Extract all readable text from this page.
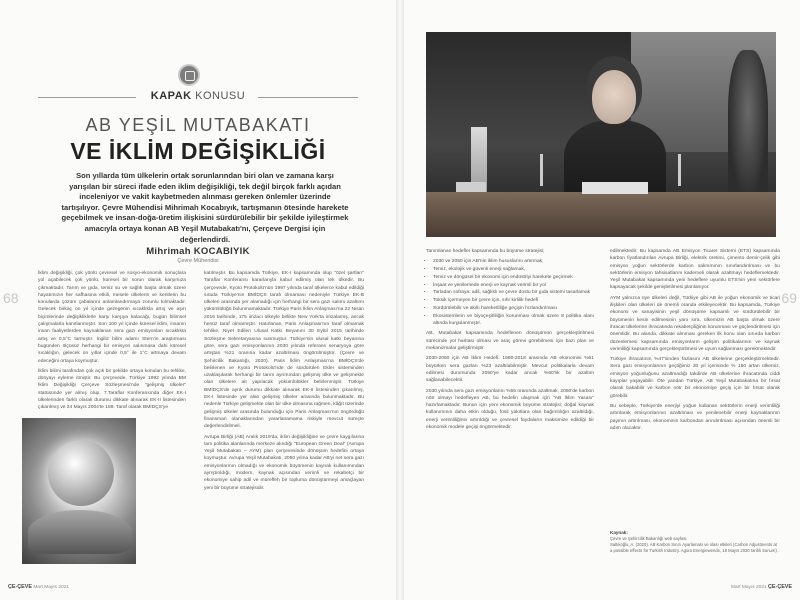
KAPAK KONUSU
AB YEŞİL MUTABAKATI
VE İKLİM DEĞİŞİKLİĞİ

Son yıllarda tüm ülkelerin ortak sorunlarından biri olan ve zamana karşı yarışılan bir süreci ifade eden iklim değişikliği, tek değil birçok farklı açıdan inceleniyor ve vakit kaybetmeden alınması gereken önlemler üzerinde tartışılıyor. Çevre Mühendisi Mihrimah Kocabıyık, tartışmanın ötesinde harekete geçebilmek ve insan-doğa-üretim ilişkisini sürdürülebilir bir şekilde iyileştirmek amacıyla ortaya konan AB Yeşil Mutabakatı'nı, Çerçeve Dergisi için değerlendirdi.

Mihrimah KOCABIYIK
Çevre Mühendisi
68

İklim değişikliği, çok yönlü çevresel ve sosyo-ekonomik sonuçlara yol açabilecek çok yönlü, küresel bir sorun olarak karşımıza çıkmaktadır. Tarım ve gıda, temiz su ve sağlık başta olmak üzere hayatımızın her safhasına etkili, mesele ülkelerin ve kentlerin bu konularda çözüm çabalarını anlamlandırmaya zorunlu kılmaktadır. Gelecek birkaç on yıl içinde gezegenin sıcaklıkla artış ve aşırı biçimlerinde değişikliklerle karşı karşıya kalacağı, bugün bilimsel çalışmalarla kanıtlanmıştır. Son 100 yıl içinde küresel iklim, insanın insan faaliyetlerden kaynaklanan sera gazı emisyonları sıcaklıkta artış ve 0,5°C tarmıştır. İngiliz bilim adamı Stern'in araştırması bugünden ölçüsüz herhangi bir emisyon salınmasa dahi küresel sıcaklığın, gelecek on yıllar içinde 0,5° ile 1°C artmaya devam edeceğini ortaya koymuştur.

İklim bilimi tarafından çok açık bir şekilde ortaya konulan bu tehlike, dünyayı eyleme itmiştir. Bu çerçevede, Türkiye 1992 yılında BM İklim Değişikliği Çerçeve Sözleşmesi'nde "gelişmiş ülkeler" statüsünde yer almış olup, 7.Taraflar Konferansında diğer EK-I ülkelerinden farklı olarak durumu dikkate alınarak EK-II listesinden çıkarılmış ve 24 Mayıs 2004'te 189. Taraf olarak BMİDÇS'ye

katılmıştır. Bu kapsamda Türkiye, EK-I kapsamında olup "özel şartları" Taraflar Konferansı kararlarıyla kabul edilmiş olan tek ülkedir. Bu çerçevede, Kyoto Protokolü'nün 1997 yılında taraf ülkelerce kabul edildiği sırada Türkiye'nin BMİDÇS tarafı olmaması nedeniyle Türkiye EK-B ülkeleri arasında yer alamadığı için herhangi bir sera gazı salımı azaltımı yükümlülüğü bulunmamaktadır. Türkiye Paris İklim Anlaşması'na 22 Nisan 2016 tarihinde, 175 imzacı ülkeyle birlikte New York'ta imzalamış, ancak henüz taraf olmamıştır. Hatırlanan, Paris Anlaşması'nın taraf olmamak tehlike, Niyet Edilen Ulusal Katkı Beyanını 30 Eylül 2015 tarihinde Sözleşme Sekretaryasına sunmuştur. Türkiye'nin ulusal katkı beyanına göre, sera gazı emisyonlarının 2030 yılında referans senaryoya göre artıştan %21 oranına kadar azaltılması öngörülmüştür. (Çevre ve Şehircilik Bakanlığı, 2020). Paris İklim Anlaşması'na BMİDÇS'de belirlenen ve Kyoto Protokolü'nde de sürdürülen Ekler sisteminden uzaklaşılarak herhangi bir tarım ayrımından gelişmiş ülke ve gelişmekte olan ülkelere ait yapılacak yükümlülükler belirlenmiştir. Türkiye BMİDÇS'de ayrık durumu dikkate alınarak EK-II listesinden çıkarılmış, EK-I listesinde yer alan gelişmiş ülkeler arasında bulunmaktadır. Bu nedenle Türkiye gelişmekte olan bir ülke olmasına rağmen, kâğıt üzerinde gelişmiş ülkeler arasında bulunduğu için Paris Anlaşması'nın öngördüğü finansman olanaklarından yararlanamama riskiyle mevcut süreçte değerlendirilmeli.

Avrupa Birliği (AB) Aralık 2019'da, iklim değişikliğine ve çevre kaygılarına tam politika alanlarında merkeze alındığı "European Green Deal" (Avrupa Yeşil Mutabakatı – AYM) plan çerçevesinde dönüşüm hedefini ortaya koymuştur. Avrupa Yeşil Mutabakatı, 2050 yılına kadar AB'yi net sera gazı emisyonlarının olmadığı ve ekonomik büyümenin kaynak kullanımından ayrıştırıldığı, modern, kaynak açısından verimli ve rekabetçi bir ekonomiye sahip adil ve müreffeh bir topluma dönüştürmeyi amaçlayan yeni bir büyüme stratejisidir.

ÇE-ÇEVE Mart Mayıs 2021
69

Tanımlanan hedefler kapsamında bu büyüme stratejisi;

• 2030 ve 2050 için AB'nin iklim hususlarını artırmak,
• Temiz, ekolojik ve güvenli enerji sağlamak,
• Temiz ve döngüsel bir ekonomi için endüstriyi harekete geçirmek
• İnşaat ve yenilemede enerji ve kaynak verimli bir yol
• Tarladan sofraya: adil, sağlıklı ve çevre dostu bir gıda sistemi tasarlamak
• Toksik içermeyen bir çevre için, sıfır kirlilik hedefi
• Sürdürülebilir ve akıllı hareketliliğe geçişin hızlandırılması
• Ekosistemlerin ve biyoçeşitliliğin korunması olmak üzere 8 politika alanı altında kurgulanmıştır.

AB, Mutabakat kapsamında hedeflenen dönüşümün gerçekleştirilmesi sürecinde yol haritası olması ve araç görevi görebilmesi için bazı plan ve mekanizmalar geliştirmiştir.

2030-2050 için AB İklim Hedefi: 1990-2018 arasında AB ekonomisi %61 büyürken sera gazları %23 azaltılabilmiştir. Mevcut politikalarla devam edilmesi durumunda 2050'ye kadar ancak %60'lık bir azaltım sağlanabilecektir.

2030 yılında sera gazı emisyonlarını %55 oranında azaltmak, 2050'de karbon nötr olmayı hedefleyen AB, bu hedefin ulaşmak için "AB İklim Yasası" hazırlamaktadır. Bunun için yeni ekonomik büyüme stratejisi; doğal kaynak kullanımının daha etkin olduğu, fosil yakıtlara olan bağımlılığın azaltıldığı, enerji verimliliğinin artırıldığı ve çevresel faydaların maksimize edildiği bir ekonomik modele geçişi öngörmektedir.

edilmektedir. Bu kapsamda AB Emisyon Ticaret Sistemi (ETS) kapsamında karbon fiyatlandırılan Avrupa Birliği, elektrik üretimi, çimento demir-çelik gibi emisyon yoğun sektörlerde karbon salınımının sınırlandırılması ve bu sektörlerin emisyon tahsisatlarını kademeli olarak azaltmayı hedeflemektedir. Yeşil Mutabakat kapsamında yeni hedeflere uyumlu ETS'nin yeni sektörlere kapsayacak şekilde genişletilmesi planlanıyor.

AYM yalnızca üye ülkeleri değil, Türkiye gibi AB ile yoğun ekonomik ve ticari ilişkileri olan ülkeleri de önemli oranda etkileyecektir. Bu kapsamda, Türkiye ekonomi ve sanayisinin yeşil dönüşüme kapsamlı ve sürdürülebilir bir büyümenin kesin edilmesinin yanı sıra, ülkemizin AB başta olmak üzere ihracat ülkelerine ihracatında rekabetçiliğinin korunması ve güçlendirilmesi için önemlidir. Bu alanda, dikkate alınması gereken ilk konu olan sınırda karbon düzenlemesi kapsamında emisyonların gelişim politikalarının ve kaynak verimliliği kapsamında gerçekleştirilmesi ve uyum sağlanması gerekmektedir.

Türkiye ihracatının %47'sinden fazlasını AB ülkelerine gerçekleştirmektedir. Sera gazı emisyonlarının geçtiğimiz 30 yıl içerisinde % 150 artan ülkemiz, emisyon yoğunluğunu azaltmadığı takdirde AB ülkelerine ihracatında ciddi kayıplar yaşayabilir. Öte yandan Türkiye, AB Yeşil Mutabakatına bir fırsat olarak bakabilir ve karbon nötr bir ekonomiye geçiş için bir fırsat olarak görebilir.

Bu sebeple, Türkiye'de enerjiyi yoğun kullanan sektörlerin enerji verimliliği artırılarak emisyonlarının azaltılması ve yenilenebilir enerji kaynaklarının payının artırılması, ekonominin karbondan arındırılması açısından önemli bir adım olacaktır.

Kaynak:
Çevre ve Şehircilik Bakanlığı web sayfası
Saltıkoğlu, A. (2020). AB Karbon Sınırı Ayarlaması ve olası etkileri (Carbon Adjustments at a possible effects for Turkish Industry. Agora Energiewende, 18 Mayıs 2020 tarihli Sunum).
Mart Mayıs 2021 ÇE-ÇEVE
